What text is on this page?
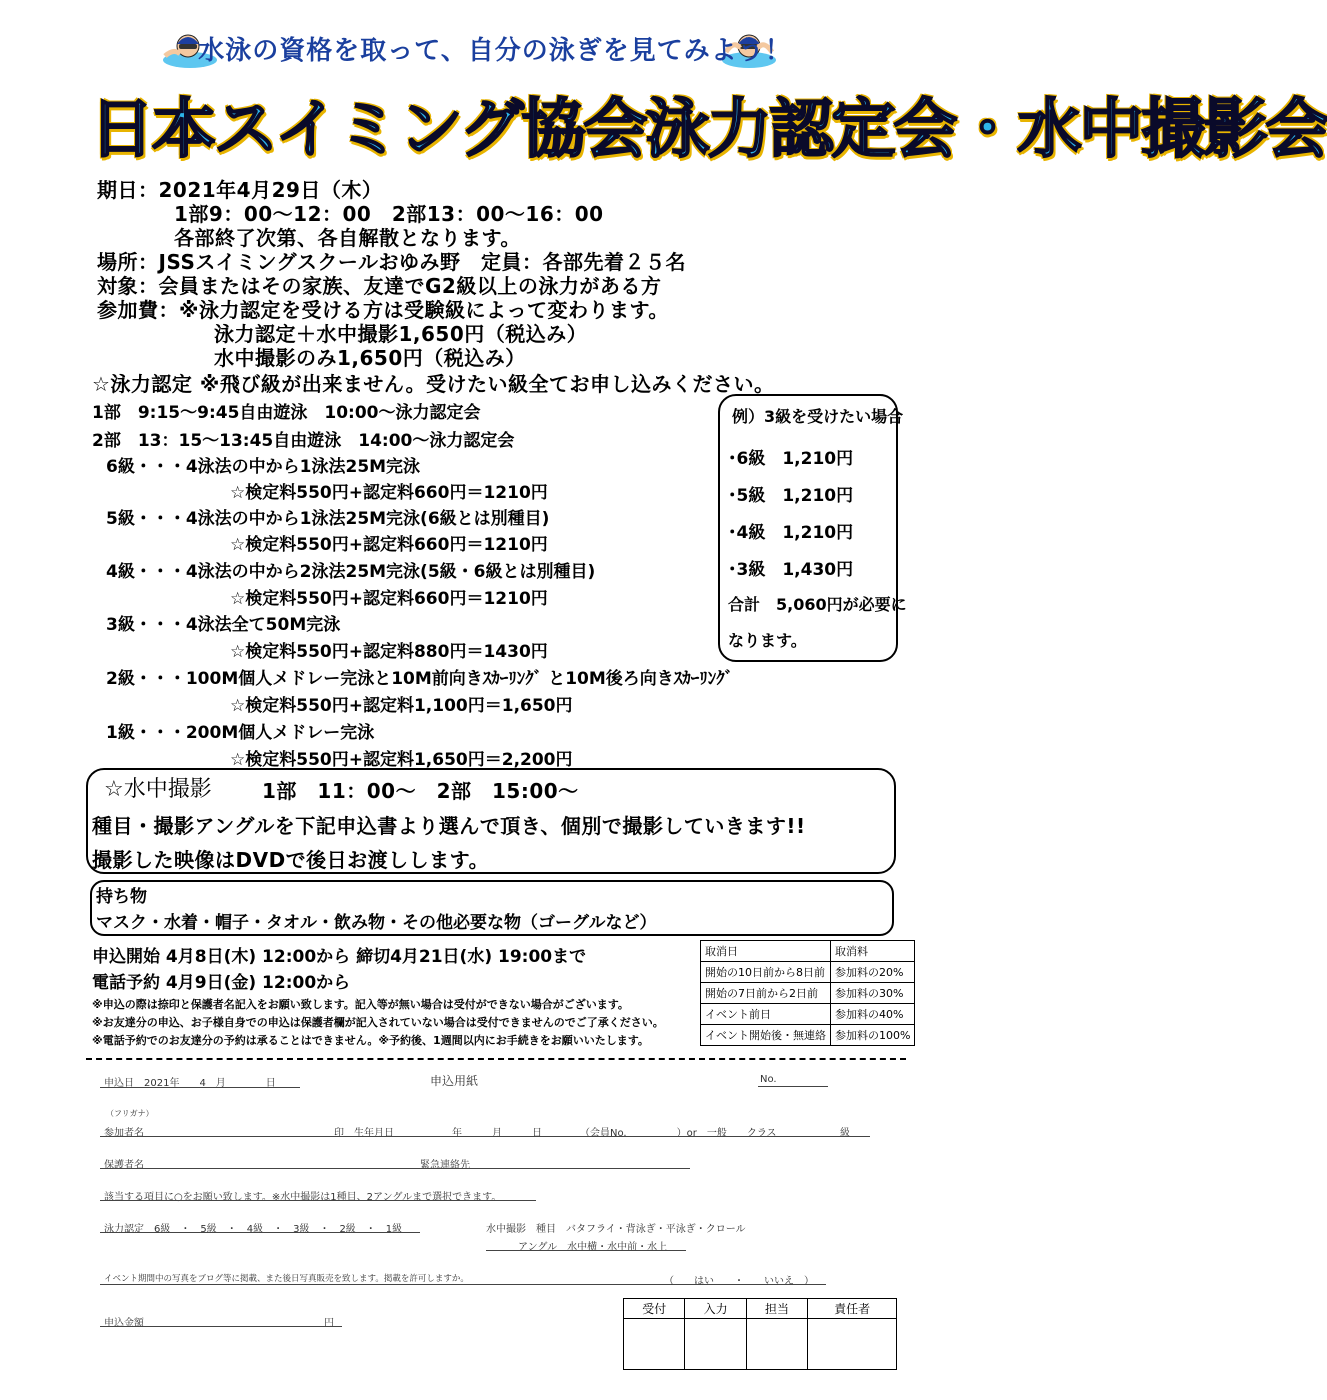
水泳の資格を取って、自分の泳ぎを見てみよう！
日本スイミング協会泳力認定会・水中撮影会
期日：2021年4月29日（木）
1部9：00～12：00　2部13：00～16：00
各部終了次第、各自解散となります。
場所：JSSスイミングスクールおゆみ野　定員：各部先着２５名
対象：会員またはその家族、友達でG2級以上の泳力がある方
参加費：※泳力認定を受ける方は受験級によって変わります。
泳力認定＋水中撮影1,650円（税込み）
水中撮影のみ1,650円（税込み）
☆泳力認定 ※飛び級が出来ません。受けたい級全てお申し込みください。
1部　9:15～9:45自由遊泳　10:00～泳力認定会
2部　13：15～13:45自由遊泳　14:00～泳力認定会
6級・・・4泳法の中から1泳法25M完泳
☆検定料550円+認定料660円＝1210円
5級・・・4泳法の中から1泳法25M完泳(6級とは別種目)
☆検定料550円+認定料660円＝1210円
4級・・・4泳法の中から2泳法25M完泳(5級・6級とは別種目)
☆検定料550円+認定料660円＝1210円
3級・・・4泳法全て50M完泳
☆検定料550円+認定料880円＝1430円
2級・・・100M個人メドレー完泳と10M前向きｽｶｰﾘﾝｸﾞ と10M後ろ向きｽｶｰﾘﾝｸﾞ
☆検定料550円+認定料1,100円＝1,650円
1級・・・200M個人メドレー完泳
☆検定料550円+認定料1,650円＝2,200円
例）3級を受けたい場合
･6級　1,210円
･5級　1,210円
･4級　1,210円
･3級　1,430円
合計　5,060円が必要に
なります。
☆水中撮影	1部　11：00～　2部　15:00～
種目・撮影アングルを下記申込書より選んで頂き、個別で撮影していきます!!
撮影した映像はDVDで後日お渡しします。
持ち物
マスク・水着・帽子・タオル・飲み物・その他必要な物（ゴーグルなど）
申込開始 4月8日(木) 12:00から 締切4月21日(水) 19:00まで
電話予約 4月9日(金) 12:00から
※申込の際は捺印と保護者名記入をお願い致します。記入等が無い場合は受付ができない場合がございます。
※お友達分の申込、お子様自身での申込は保護者欄が記入されていない場合は受付できませんのでご了承ください。
※電話予約でのお友達分の予約は承ることはできません。※予約後、1週間以内にお手続きをお願いいたします。
取消日	取消料
開始の10日前から8日前	参加料の20%
開始の7日前から2日前	参加料の30%
イベント前日	参加料の40%
イベント開始後・無連絡	参加料の100%
申込日　2021年　　4　月　　　　日	申込用紙	No.
（フリガナ）
参加者名	印　生年月日	年　　　月　　　日	（会員No.　　　　　）or　一般　　クラス	級
保護者名	緊急連絡先
該当する項目に○をお願い致します。※水中撮影は1種目、2アングルまで選択できます。
泳力認定　6級　・　5級　・　4級　・　3級　・　2級　・　1級	水中撮影　種目　バタフライ・背泳ぎ・平泳ぎ・クロール
アングル　水中横・水中前・水上
イベント期間中の写真をブログ等に掲載、また後日写真販売を致します。掲載を許可しますか。	（　　はい　　・　　いいえ　）
申込金額	円
受付	入力	担当	責任者
